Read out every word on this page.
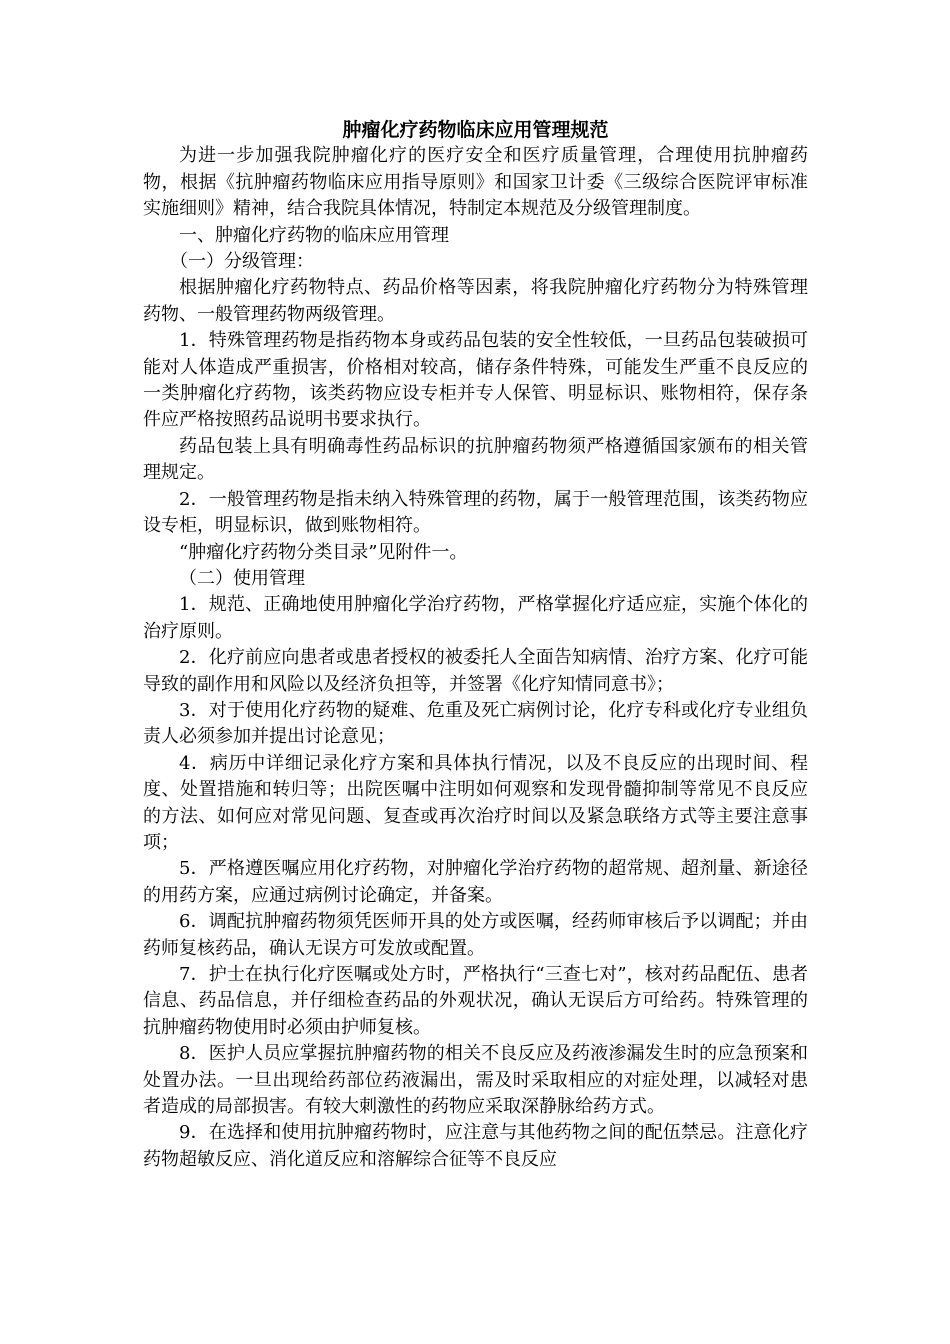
肿瘤化疗药物临床应用管理规范

为进一步加强我院肿瘤化疗的医疗安全和医疗质量管理，合理使用抗肿瘤药物，根据《抗肿瘤药物临床应用指导原则》和国家卫计委《三级综合医院评审标准实施细则》精神，结合我院具体情况，特制定本规范及分级管理制度。

一、肿瘤化疗药物的临床应用管理

（一）分级管理：

根据肿瘤化疗药物特点、药品价格等因素，将我院肿瘤化疗药物分为特殊管理药物、一般管理药物两级管理。

1．特殊管理药物是指药物本身或药品包装的安全性较低，一旦药品包装破损可能对人体造成严重损害，价格相对较高，储存条件特殊，可能发生严重不良反应的一类肿瘤化疗药物，该类药物应设专柜并专人保管、明显标识、账物相符，保存条件应严格按照药品说明书要求执行。

药品包装上具有明确毒性药品标识的抗肿瘤药物须严格遵循国家颁布的相关管理规定。

2．一般管理药物是指未纳入特殊管理的药物，属于一般管理范围，该类药物应设专柜，明显标识，做到账物相符。

“肿瘤化疗药物分类目录”见附件一。

（二）使用管理

1．规范、正确地使用肿瘤化学治疗药物，严格掌握化疗适应症，实施个体化的治疗原则。

2．化疗前应向患者或患者授权的被委托人全面告知病情、治疗方案、化疗可能导致的副作用和风险以及经济负担等，并签署《化疗知情同意书》；

3．对于使用化疗药物的疑难、危重及死亡病例讨论，化疗专科或化疗专业组负责人必须参加并提出讨论意见；

4．病历中详细记录化疗方案和具体执行情况，以及不良反应的出现时间、程度、处置措施和转归等；出院医嘱中注明如何观察和发现骨髓抑制等常见不良反应的方法、如何应对常见问题、复查或再次治疗时间以及紧急联络方式等主要注意事项；

5．严格遵医嘱应用化疗药物，对肿瘤化学治疗药物的超常规、超剂量、新途径的用药方案，应通过病例讨论确定，并备案。

6．调配抗肿瘤药物须凭医师开具的处方或医嘱，经药师审核后予以调配；并由药师复核药品，确认无误方可发放或配置。

7．护士在执行化疗医嘱或处方时，严格执行“三查七对”，核对药品配伍、患者信息、药品信息，并仔细检查药品的外观状况，确认无误后方可给药。特殊管理的抗肿瘤药物使用时必须由护师复核。

8．医护人员应掌握抗肿瘤药物的相关不良反应及药液渗漏发生时的应急预案和处置办法。一旦出现给药部位药液漏出，需及时采取相应的对症处理，以减轻对患者造成的局部损害。有较大刺激性的药物应采取深静脉给药方式。

9．在选择和使用抗肿瘤药物时，应注意与其他药物之间的配伍禁忌。注意化疗药物超敏反应、消化道反应和溶解综合征等不良反应
